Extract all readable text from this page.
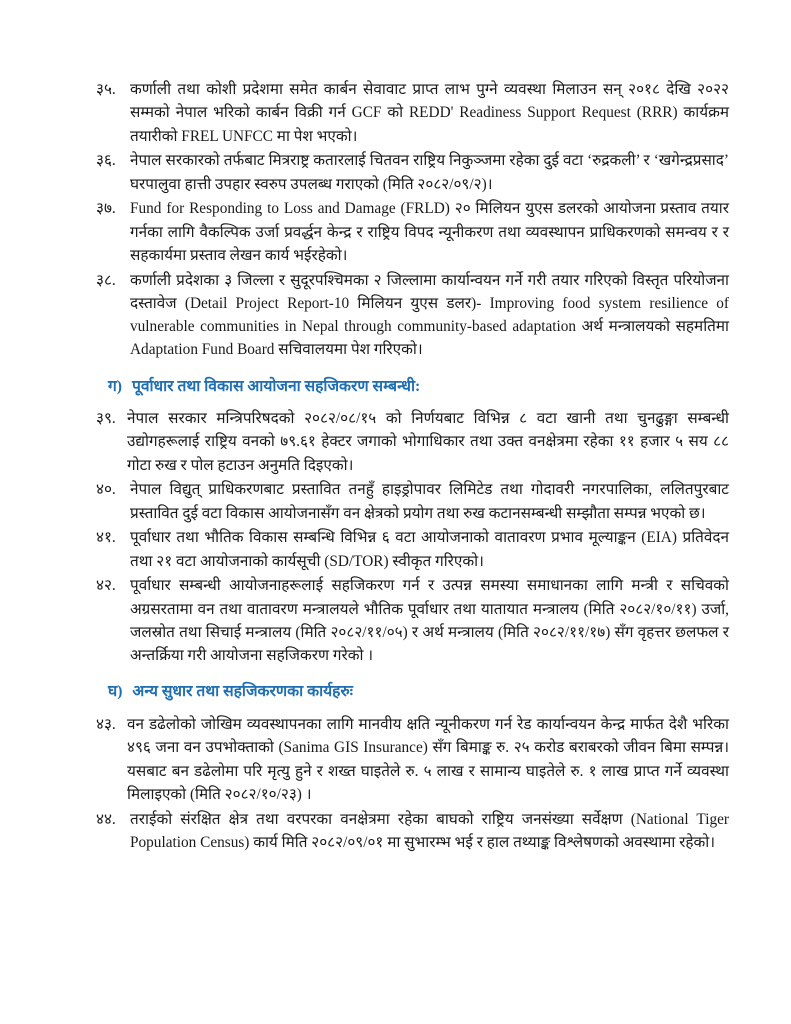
३५. कर्णाली तथा कोशी प्रदेशमा समेत कार्बन सेवावाट प्राप्त लाभ पुग्ने व्यवस्था मिलाउन सन् २०१८ देखि २०२२ सम्मको नेपाल भरिको कार्बन विक्री गर्न GCF को REDD' Readiness Support Request (RRR) कार्यक्रम तयारीको FREL UNFCC मा पेश भएको।
३६. नेपाल सरकारको तर्फबाट मित्रराष्ट्र कतारलाई चितवन राष्ट्रिय निकुञ्जमा रहेका दुई वटा ‘रुद्रकली’ र ‘खगेन्द्रप्रसाद’ घरपालुवा हात्ती उपहार स्वरुप उपलब्ध गराएको (मिति २०८२/०९/२)।
३७. Fund for Responding to Loss and Damage (FRLD) २० मिलियन युएस डलरको आयोजना प्रस्ताव तयार गर्नका लागि वैकल्पिक उर्जा प्रवर्द्धन केन्द्र र राष्ट्रिय विपद न्यूनीकरण तथा व्यवस्थापन प्राधिकरणको समन्वय र र सहकार्यमा प्रस्ताव लेखन कार्य भईरहेको।
३८. कर्णाली प्रदेशका ३ जिल्ला र सुदूरपश्चिमका २ जिल्लामा कार्यान्वयन गर्ने गरी तयार गरिएको विस्तृत परियोजना दस्तावेज (Detail Project Report-10 मिलियन युएस डलर)- Improving food system resilience of vulnerable communities in Nepal through community-based adaptation अर्थ मन्त्रालयको सहमतिमा Adaptation Fund Board सचिवालयमा पेश गरिएको।
ग) पूर्वाधार तथा विकास आयोजना सहजिकरण सम्बन्धी:
३९. नेपाल सरकार मन्त्रिपरिषदको २०८२/०८/१५ को निर्णयबाट विभिन्न ८ वटा खानी तथा चुनढुङ्गा सम्बन्धी उद्योगहरूलाई राष्ट्रिय वनको ७९.६१ हेक्टर जगाको भोगाधिकार तथा उक्त वनक्षेत्रमा रहेका ११ हजार ५ सय ८८ गोटा रुख र पोल हटाउन अनुमति दिइएको।
४०. नेपाल विद्युत् प्राधिकरणबाट प्रस्तावित तनहुँ हाइड्रोपावर लिमिटेड तथा गोदावरी नगरपालिका, ललितपुरबाट प्रस्तावित दुई वटा विकास आयोजनासँग वन क्षेत्रको प्रयोग तथा रुख कटानसम्बन्धी सम्झौता सम्पन्न भएको छ।
४१. पूर्वाधार तथा भौतिक विकास सम्बन्धि विभिन्न ६ वटा आयोजनाको वातावरण प्रभाव मूल्याङ्कन (EIA) प्रतिवेदन तथा २१ वटा आयोजनाको कार्यसूची (SD/TOR) स्वीकृत गरिएको।
४२. पूर्वाधार सम्बन्धी आयोजनाहरूलाई सहजिकरण गर्न र उत्पन्न समस्या समाधानका लागि मन्त्री र सचिवको अग्रसरतामा वन तथा वातावरण मन्त्रालयले भौतिक पूर्वाधार तथा यातायात मन्त्रालय (मिति २०८२/१०/११) उर्जा, जलस्रोत तथा सिचाई मन्त्रालय (मिति २०८२/११/०५) र अर्थ मन्त्रालय (मिति २०८२/११/१७) सँग वृहत्तर छलफल र अन्तर्क्रिया गरी आयोजना सहजिकरण गरेको ।
घ) अन्य सुधार तथा सहजिकरणका कार्यहरुः
४३. वन डढेलोको जोखिम व्यवस्थापनका लागि मानवीय क्षति न्यूनीकरण गर्न रेड कार्यान्वयन केन्द्र मार्फत देशै भरिका ४९६ जना वन उपभोक्ताको (Sanima GIS Insurance) सँग बिमाङ्क रु. २५ करोड बराबरको जीवन बिमा सम्पन्न। यसबाट बन डढेलोमा परि मृत्यु हुने र शख्त घाइतेले रु. ५ लाख र सामान्य घाइतेले रु. १ लाख प्राप्त गर्ने व्यवस्था मिलाइएको (मिति २०८२/१०/२३) ।
४४. तराईको संरक्षित क्षेत्र तथा वरपरका वनक्षेत्रमा रहेका बाघको राष्ट्रिय जनसंख्या सर्वेक्षण (National Tiger Population Census) कार्य मिति २०८२/०९/०१ मा सुभारम्भ भई र हाल तथ्याङ्क विश्लेषणको अवस्थामा रहेको।
